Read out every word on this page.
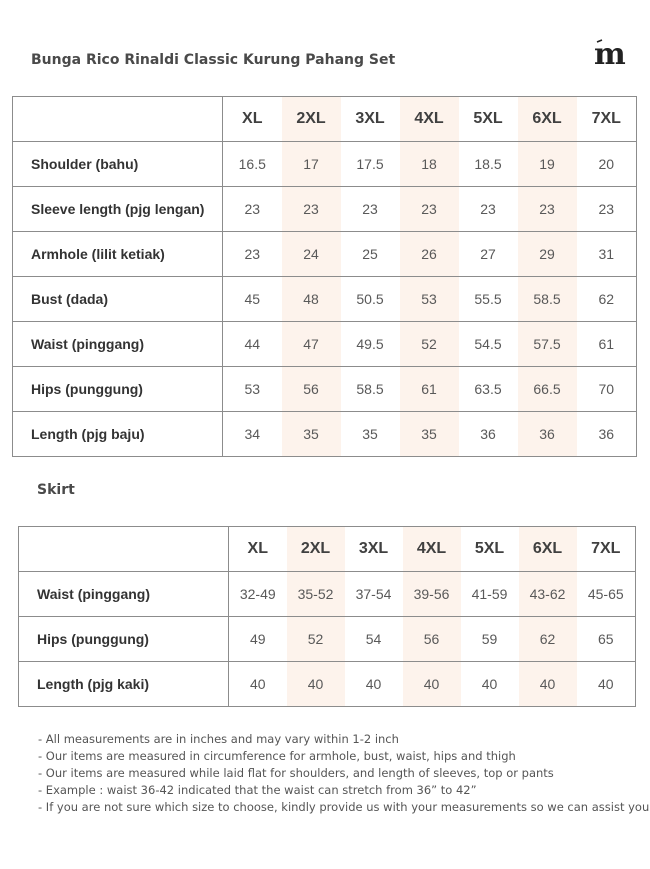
Bunga Rico Rinaldi Classic Kurung Pahang Set	m
	XL	2XL	3XL	4XL	5XL	6XL	7XL
Shoulder (bahu)	16.5	17	17.5	18	18.5	19	20
Sleeve length (pjg lengan)	23	23	23	23	23	23	23
Armhole (lilit ketiak)	23	24	25	26	27	29	31
Bust (dada)	45	48	50.5	53	55.5	58.5	62
Waist (pinggang)	44	47	49.5	52	54.5	57.5	61
Hips (punggung)	53	56	58.5	61	63.5	66.5	70
Length (pjg baju)	34	35	35	35	36	36	36
Skirt
	XL	2XL	3XL	4XL	5XL	6XL	7XL
Waist (pinggang)	32-49	35-52	37-54	39-56	41-59	43-62	45-65
Hips (punggung)	49	52	54	56	59	62	65
Length (pjg kaki)	40	40	40	40	40	40	40
- All measurements are in inches and may vary within 1-2 inch
- Our items are measured in circumference for armhole, bust, waist, hips and thigh
- Our items are measured while laid flat for shoulders, and length of sleeves, top or pants
- Example : waist 36-42 indicated that the waist can stretch from 36” to 42”
- If you are not sure which size to choose, kindly provide us with your measurements so we can assist you
